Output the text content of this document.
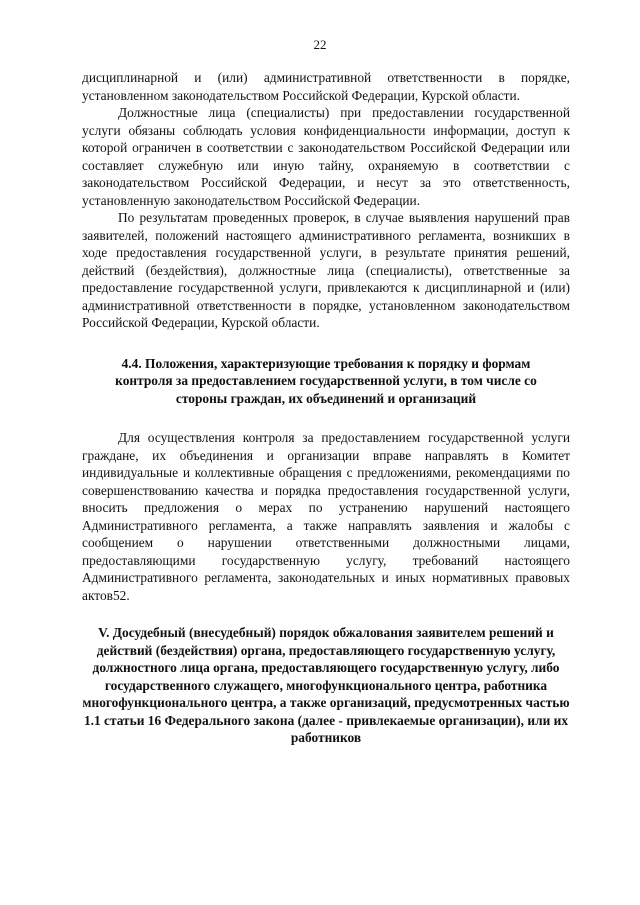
22

дисциплинарной и (или) административной ответственности в порядке, установленном законодательством Российской Федерации, Курской области.

Должностные лица (специалисты) при предоставлении государственной услуги обязаны соблюдать условия конфиденциальности информации, доступ к которой ограничен в соответствии с законодательством Российской Федерации или составляет служебную или иную тайну, охраняемую в соответствии с законодательством Российской Федерации, и несут за это ответственность, установленную законодательством Российской Федерации.

По результатам проведенных проверок, в случае выявления нарушений прав заявителей, положений настоящего административного регламента, возникших в ходе предоставления государственной услуги, в результате принятия решений, действий (бездействия), должностные лица (специалисты), ответственные за предоставление государственной услуги, привлекаются к дисциплинарной и (или) административной ответственности в порядке, установленном законодательством Российской Федерации, Курской области.

4.4. Положения, характеризующие требования к порядку и формам контроля за предоставлением государственной услуги, в том числе со стороны граждан, их объединений и организаций

Для осуществления контроля за предоставлением государственной услуги граждане, их объединения и организации вправе направлять в Комитет индивидуальные и коллективные обращения с предложениями, рекомендациями по совершенствованию качества и порядка предоставления государственной услуги, вносить предложения о мерах по устранению нарушений настоящего Административного регламента, а также направлять заявления и жалобы с сообщением о нарушении ответственными должностными лицами, предоставляющими государственную услугу, требований настоящего Административного регламента, законодательных и иных нормативных правовых актов52.

V. Досудебный (внесудебный) порядок обжалования заявителем решений и действий (бездействия) органа, предоставляющего государственную услугу, должностного лица органа, предоставляющего государственную услугу, либо государственного служащего, многофункционального центра, работника многофункционального центра, а также организаций, предусмотренных частью 1.1 статьи 16 Федерального закона (далее - привлекаемые организации), или их работников
